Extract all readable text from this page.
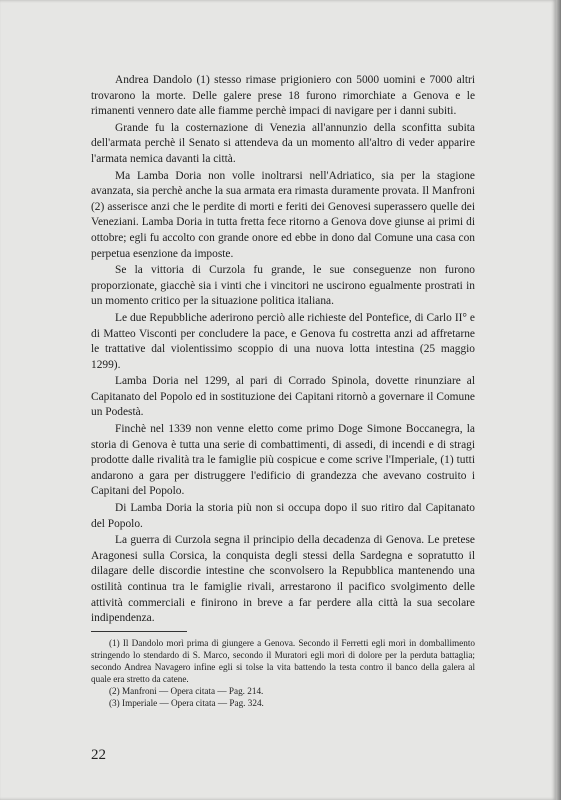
Andrea Dandolo (1) stesso rimase prigioniero con 5000 uomini e 7000 altri trovarono la morte. Delle galere prese 18 furono rimorchiate a Genova e le rimanenti vennero date alle fiamme perchè impaci di navigare per i danni subiti.

Grande fu la costernazione di Venezia all'annunzio della sconfitta subita dell'armata perchè il Senato si attendeva da un momento all'altro di veder apparire l'armata nemica davanti la città.

Ma Lamba Doria non volle inoltrarsi nell'Adriatico, sia per la stagione avanzata, sia perchè anche la sua armata era rimasta duramente provata. Il Manfroni (2) asserisce anzi che le perdite di morti e feriti dei Genovesi superassero quelle dei Veneziani. Lamba Doria in tutta fretta fece ritorno a Genova dove giunse ai primi di ottobre; egli fu accolto con grande onore ed ebbe in dono dal Comune una casa con perpetua esenzione da imposte.

Se la vittoria di Curzola fu grande, le sue conseguenze non furono proporzionate, giacchè sia i vinti che i vincitori ne uscirono egualmente prostrati in un momento critico per la situazione politica italiana.

Le due Repubbliche aderirono perciò alle richieste del Pontefice, di Carlo II° e di Matteo Visconti per concludere la pace, e Genova fu costretta anzi ad affretarne le trattative dal violentissimo scoppio di una nuova lotta intestina (25 maggio 1299).

Lamba Doria nel 1299, al pari di Corrado Spinola, dovette rinunziare al Capitanato del Popolo ed in sostituzione dei Capitani ritornò a governare il Comune un Podestà.

Finchè nel 1339 non venne eletto come primo Doge Simone Boccanegra, la storia di Genova è tutta una serie di combattimenti, di assedi, di incendi e di stragi prodotte dalle rivalità tra le famiglie più cospicue e come scrive l'Imperiale, (1) tutti andarono a gara per distruggere l'edificio di grandezza che avevano costruito i Capitani del Popolo.

Di Lamba Doria la storia più non si occupa dopo il suo ritiro dal Capitanato del Popolo.

La guerra di Curzola segna il principio della decadenza di Genova. Le pretese Aragonesi sulla Corsica, la conquista degli stessi della Sardegna e sopratutto il dilagare delle discordie intestine che sconvolsero la Repubblica mantenendo una ostilità continua tra le famiglie rivali, arrestarono il pacifico svolgimento delle attività commerciali e finirono in breve a far perdere alla città la sua secolare indipendenza.

(1) Il Dandolo morì prima di giungere a Genova. Secondo il Ferretti egli morì in domballimento stringendo lo stendardo di S. Marco, secondo il Muratori egli morì di dolore per la perduta battaglia; secondo Andrea Navagero infine egli si tolse la vita battendo la testa contro il banco della galera al quale era stretto da catene.

(2) Manfroni — Opera citata — Pag. 214.

(3) Imperiale — Opera citata — Pag. 324.

22
